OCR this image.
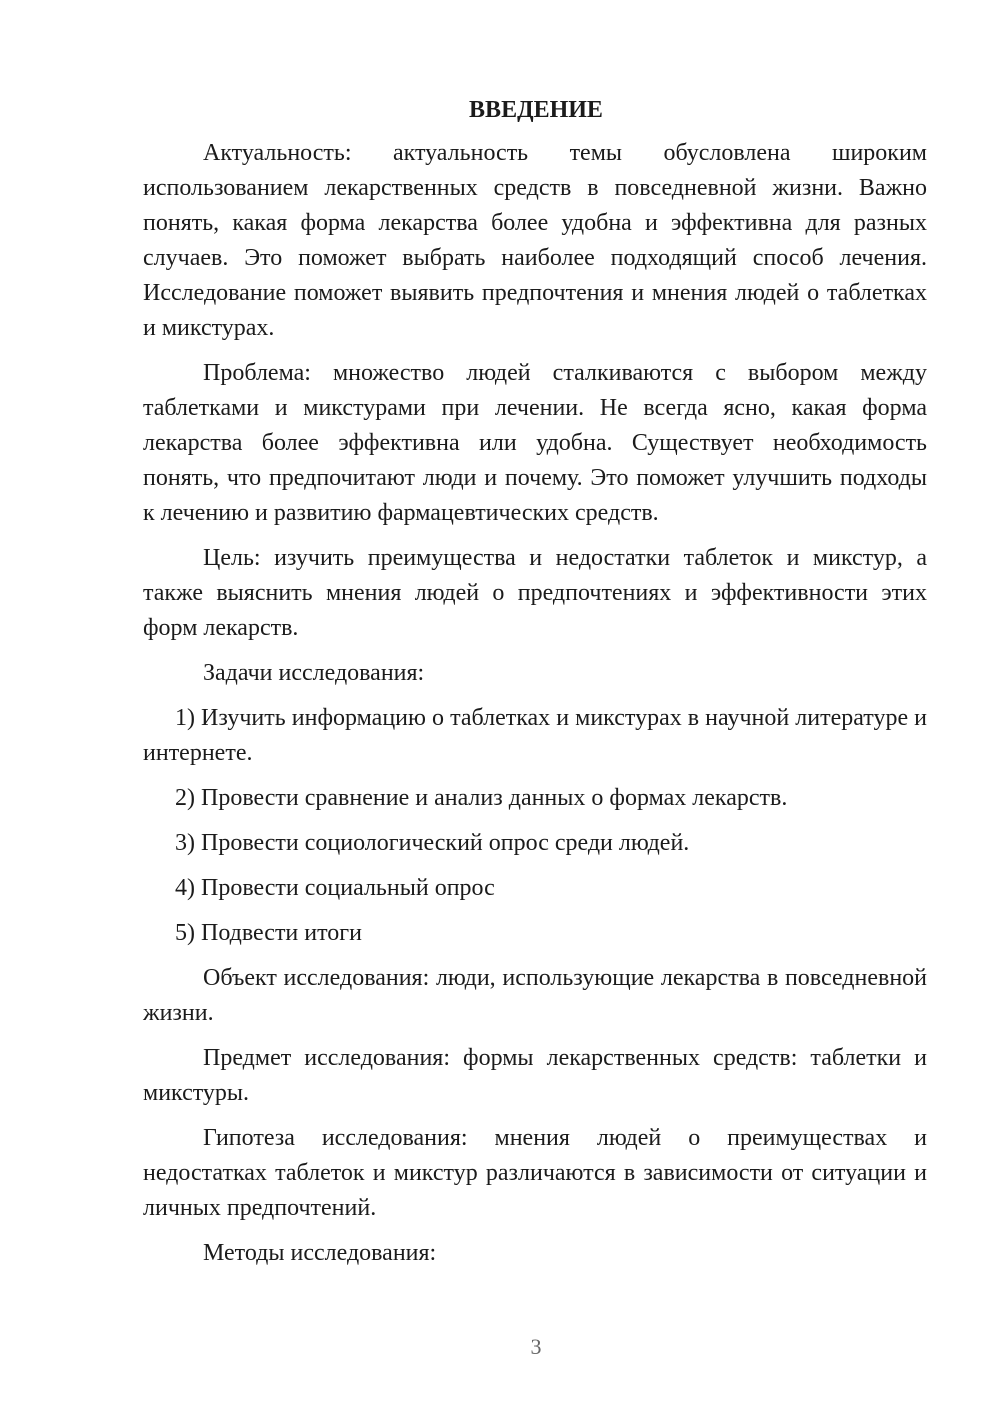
ВВЕДЕНИЕ

Актуальность: актуальность темы обусловлена широким использованием лекарственных средств в повседневной жизни. Важно понять, какая форма лекарства более удобна и эффективна для разных случаев. Это поможет выбрать наиболее подходящий способ лечения. Исследование поможет выявить предпочтения и мнения людей о таблетках и микстурах.

Проблема: множество людей сталкиваются с выбором между таблетками и микстурами при лечении. Не всегда ясно, какая форма лекарства более эффективна или удобна. Существует необходимость понять, что предпочитают люди и почему. Это поможет улучшить подходы к лечению и развитию фармацевтических средств.

Цель: изучить преимущества и недостатки таблеток и микстур, а также выяснить мнения людей о предпочтениях и эффективности этих форм лекарств.

Задачи исследования:

1) Изучить информацию о таблетках и микстурах в научной литературе и интернете.

2) Провести сравнение и анализ данных о формах лекарств.

3) Провести социологический опрос среди людей.

4) Провести социальный опрос

5) Подвести итоги

Объект исследования: люди, использующие лекарства в повседневной жизни.

Предмет исследования: формы лекарственных средств: таблетки и микстуры.

Гипотеза исследования: мнения людей о преимуществах и недостатках таблеток и микстур различаются в зависимости от ситуации и личных предпочтений.

Методы исследования:

3
